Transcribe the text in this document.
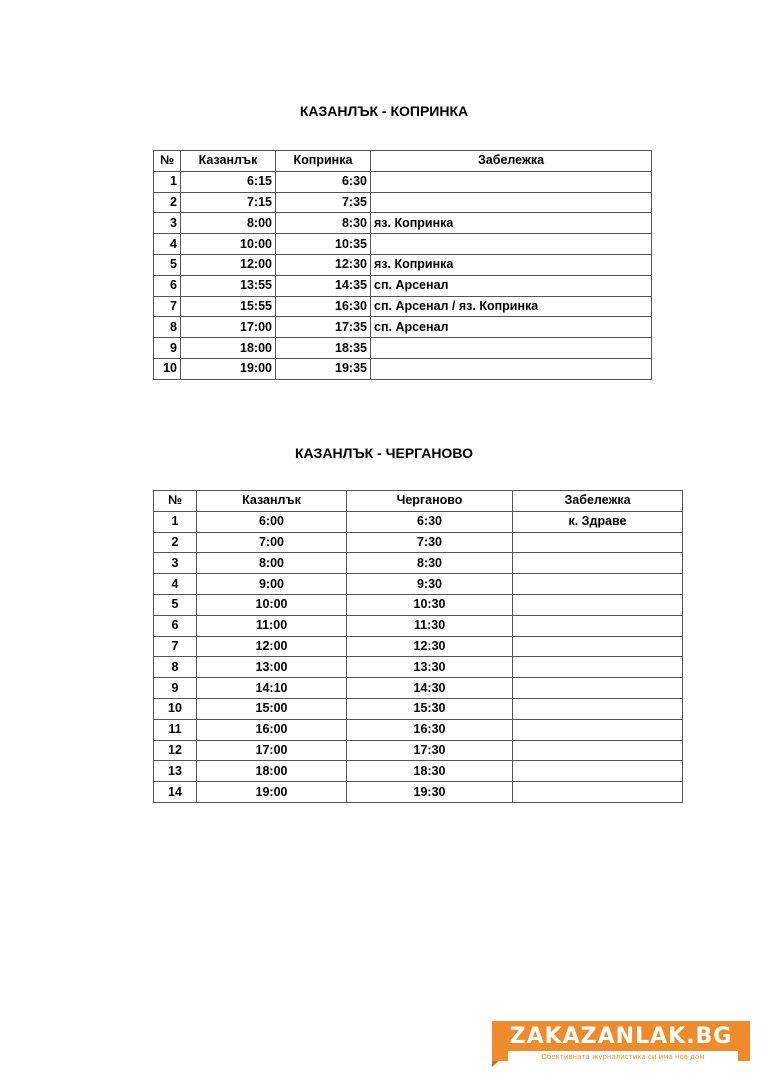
КАЗАНЛЪК - КОПРИНКА
№	Казанлък	Копринка	Забележка
1	6:15	6:30	
2	7:15	7:35	
3	8:00	8:30	яз. Копринка
4	10:00	10:35	
5	12:00	12:30	яз. Копринка
6	13:55	14:35	сп. Арсенал
7	15:55	16:30	сп. Арсенал / яз. Копринка
8	17:00	17:35	сп. Арсенал
9	18:00	18:35	
10	19:00	19:35	
КАЗАНЛЪК - ЧЕРГАНОВО
№	Казанлък	Черганово	Забележка
1	6:00	6:30	к. Здраве
2	7:00	7:30	
3	8:00	8:30	
4	9:00	9:30	
5	10:00	10:30	
6	11:00	11:30	
7	12:00	12:30	
8	13:00	13:30	
9	14:10	14:30	
10	15:00	15:30	
11	16:00	16:30	
12	17:00	17:30	
13	18:00	18:30	
14	19:00	19:30	
ZAKAZANLAK.BG
Обективната журналистика си има нов дом
